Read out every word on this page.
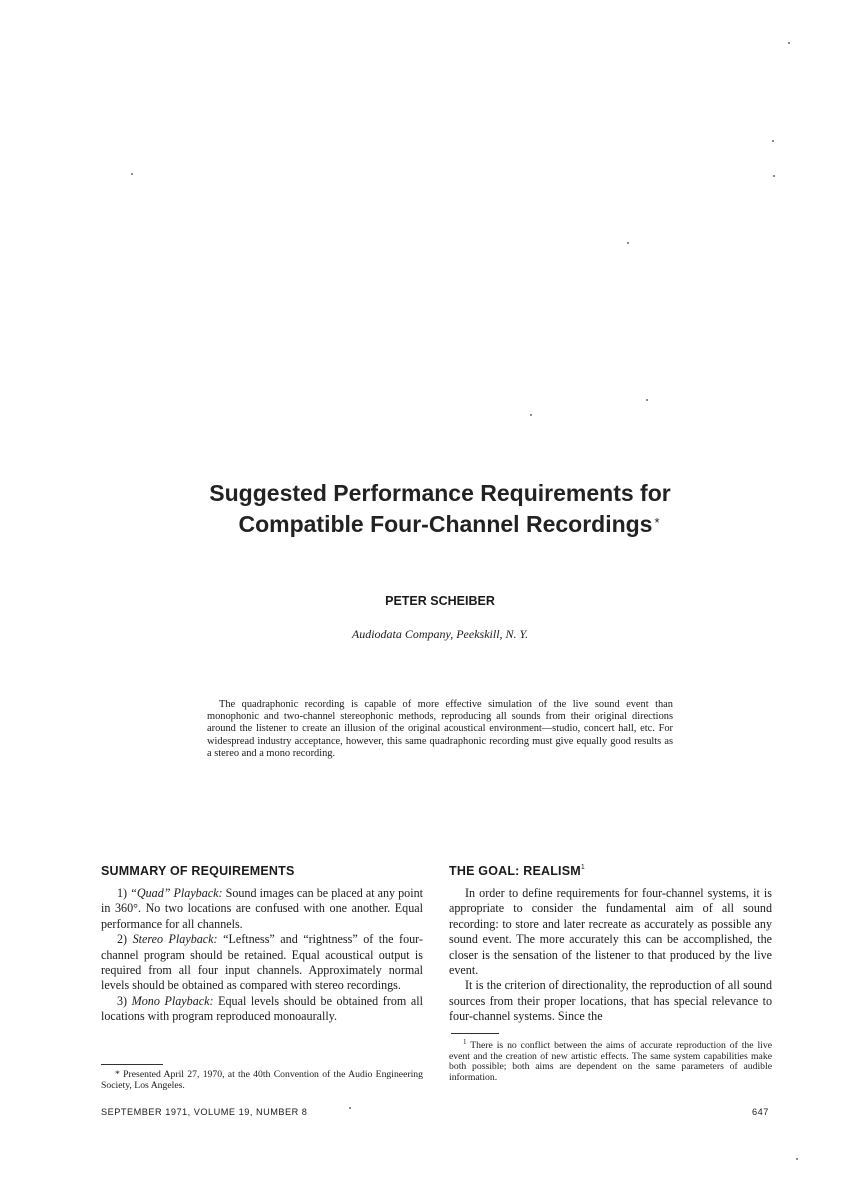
Suggested Performance Requirements for
Compatible Four-Channel Recordings *
PETER SCHEIBER
Audiodata Company, Peekskill, N. Y.
The quadraphonic recording is capable of more effective simulation of the live sound event than monophonic and two-channel stereophonic methods, reproducing all sounds from their original directions around the listener to create an illusion of the original acoustical environment—studio, concert hall, etc. For widespread industry acceptance, however, this same quadraphonic recording must give equally good results as a stereo and a mono recording.
SUMMARY OF REQUIREMENTS

1) “Quad” Playback: Sound images can be placed at any point in 360°. No two locations are confused with one another. Equal performance for all channels.

2) Stereo Playback: “Leftness” and “rightness” of the four-channel program should be retained. Equal acoustical output is required from all four input channels. Approximately normal levels should be obtained as compared with stereo recordings.

3) Mono Playback: Equal levels should be obtained from all locations with program reproduced monoaurally.

* Presented April 27, 1970, at the 40th Convention of the Audio Engineering Society, Los Angeles.
THE GOAL: REALISM$^1$

In order to define requirements for four-channel systems, it is appropriate to consider the fundamental aim of all sound recording: to store and later recreate as accurately as possible any sound event. The more accurately this can be accomplished, the closer is the sensation of the listener to that produced by the live event.

It is the criterion of directionality, the reproduction of all sound sources from their proper locations, that has special relevance to four-channel systems. Since the

$^1$ There is no conflict between the aims of accurate reproduction of the live event and the creation of new artistic effects. The same system capabilities make both possible; both aims are dependent on the same parameters of audible information.
SEPTEMBER 1971, VOLUME 19, NUMBER 8	647
